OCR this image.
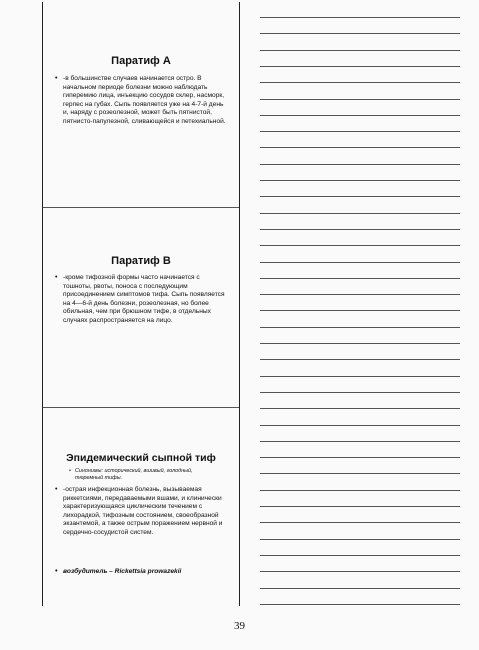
Паратиф А
• -в большинстве случаев начинается остро. В начальном периоде болезни можно наблюдать гиперемию лица, инъекцию сосудов склер, насморк, герпес на губах. Сыпь появляется уже на 4-7-й день и, наряду с розеолезной, может быть пятнистой, пятнисто-папулезной, сливающейся и петехиальной.
Паратиф В
• -кроме тифозной формы часто начинается с тошноты, рвоты, поноса с последующим присоединением симптомов тифа. Сыпь появляется на 4—6-й день болезни, розеолезная, но более обильная, чем при брюшном тифе, в отдельных случаях распространяется на лицо.
Эпидемический сыпной тиф
• Синонимы: исторический, вшивый, голодный, тюремный тифы.
• -острая инфекционная болезнь, вызываемая риккетсиями, передаваемыми вшами, и клинически характеризующаяся циклическим течением с лихорадкой, тифозным состоянием, своеобразной экзантемой, а также острым поражением нервной и сердечно-сосудистой систем.
• возбудитель – Rickettsia prowazekii
39
